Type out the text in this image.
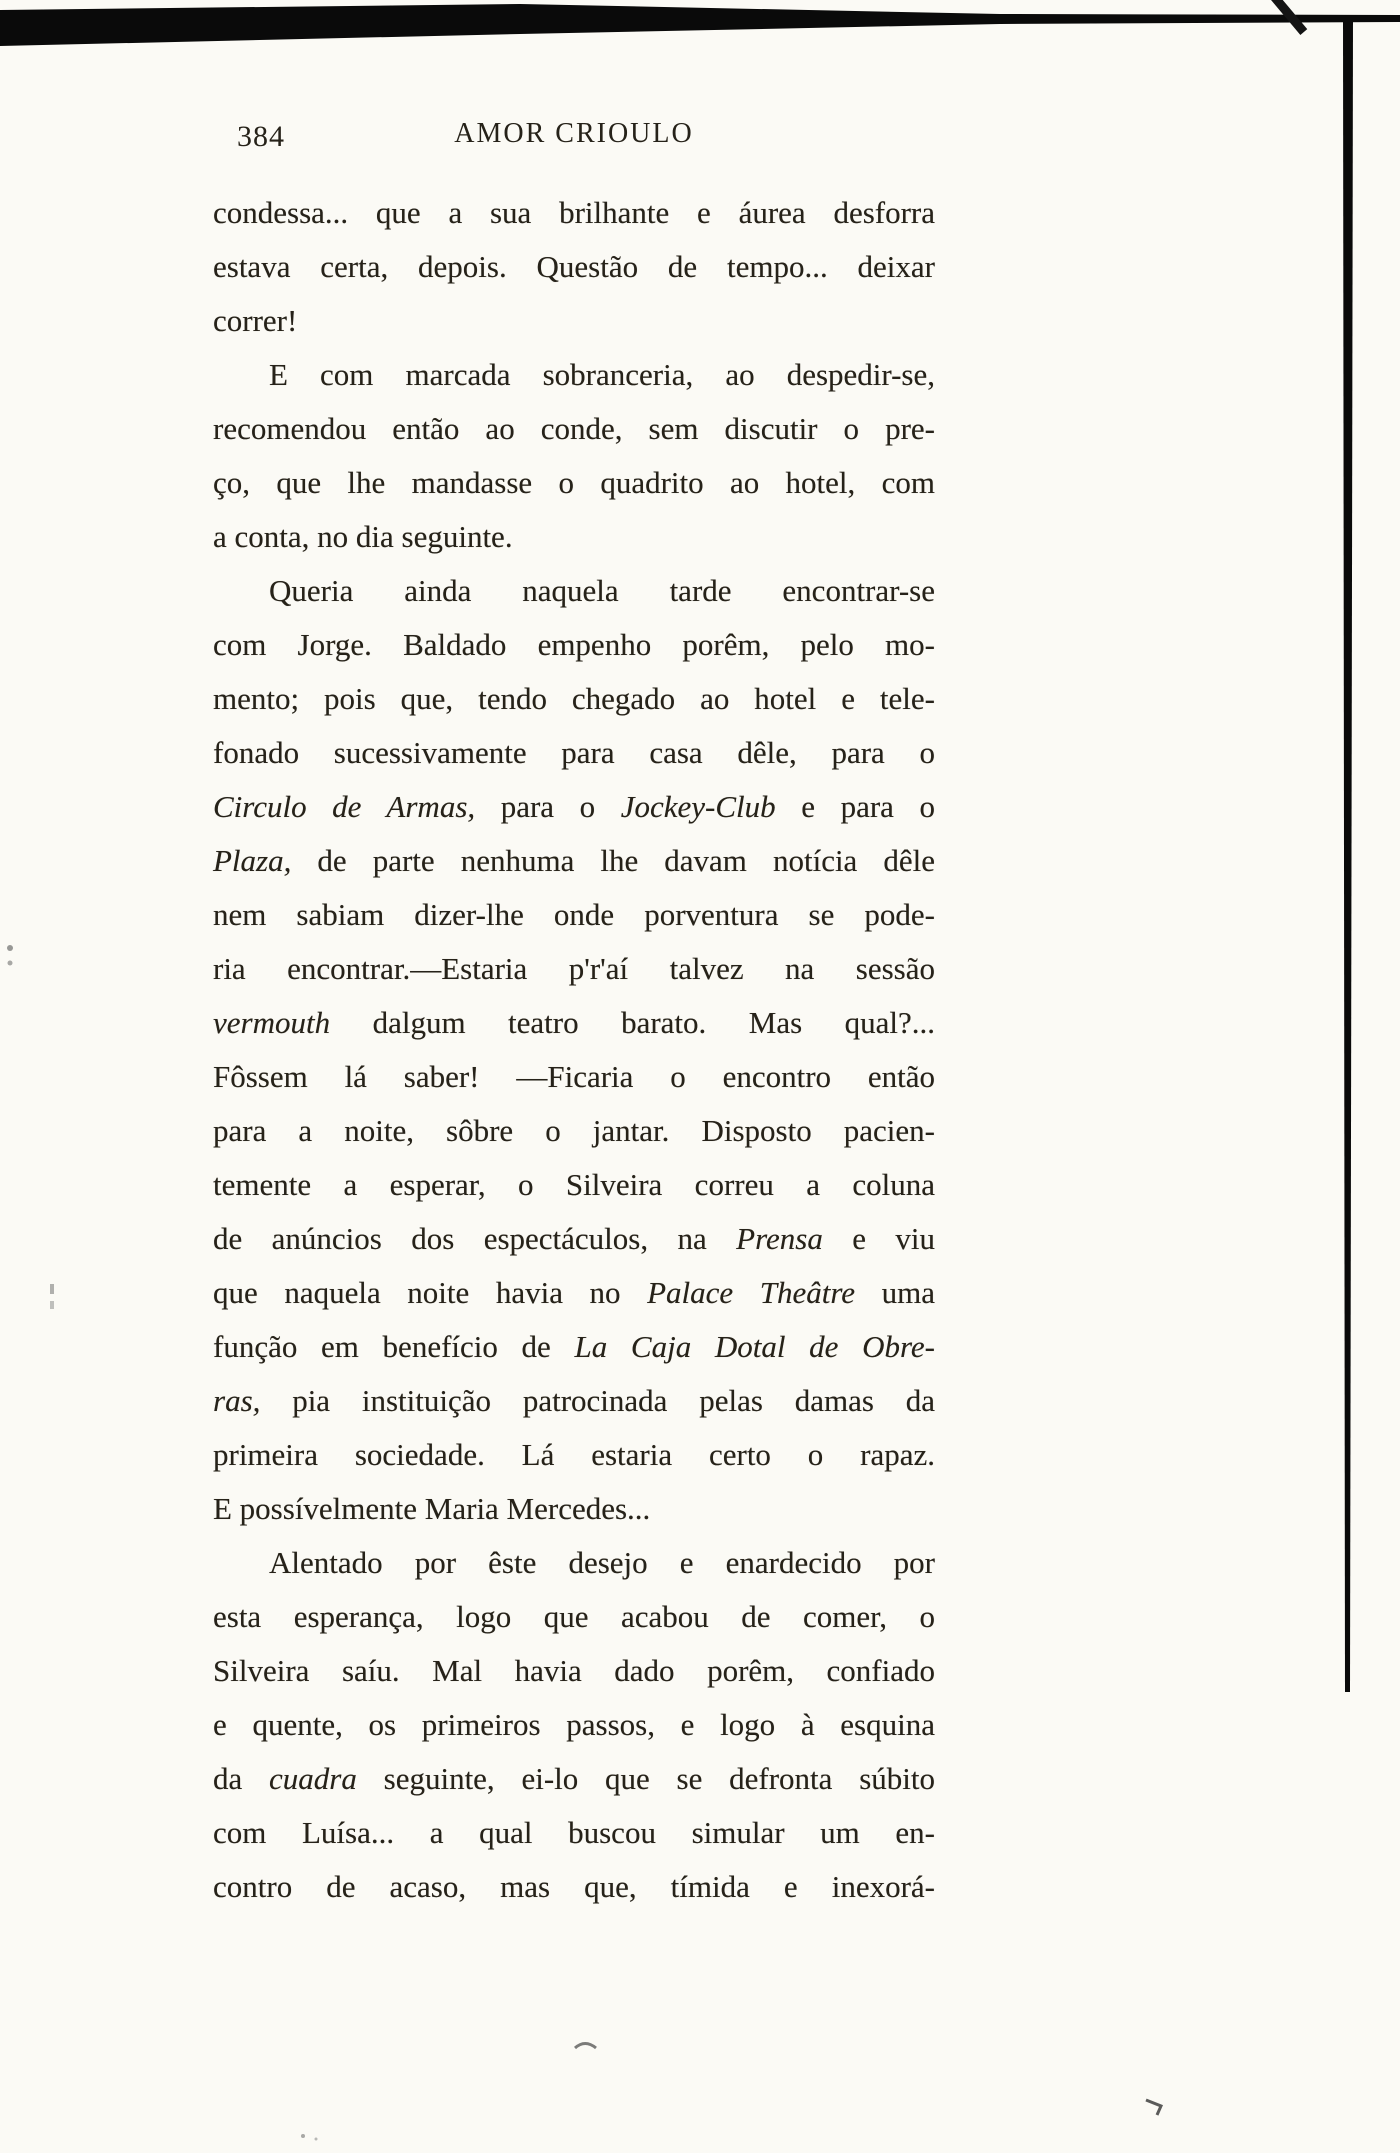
384	AMOR CRIOULO
condessa... que a sua brilhante e áurea desforra
estava certa, depois. Questão de tempo... deixar
correr!
E com marcada sobranceria, ao despedir-se,
recomendou então ao conde, sem discutir o pre-
ço, que lhe mandasse o quadrito ao hotel, com
a conta, no dia seguinte.
Queria ainda naquela tarde encontrar-se
com Jorge. Baldado empenho porêm, pelo mo-
mento; pois que, tendo chegado ao hotel e tele-
fonado sucessivamente para casa dêle, para o
Circulo de Armas, para o Jockey-Club e para o
Plaza, de parte nenhuma lhe davam notícia dêle
nem sabiam dizer-lhe onde porventura se pode-
ria encontrar.—Estaria p'r'aí talvez na sessão
vermouth dalgum teatro barato. Mas qual?...
Fôssem lá saber! —Ficaria o encontro então
para a noite, sôbre o jantar. Disposto pacien-
temente a esperar, o Silveira correu a coluna
de anúncios dos espectáculos, na Prensa e viu
que naquela noite havia no Palace Theâtre uma
função em benefício de La Caja Dotal de Obre-
ras, pia instituição patrocinada pelas damas da
primeira sociedade. Lá estaria certo o rapaz.
E possívelmente Maria Mercedes...
Alentado por êste desejo e enardecido por
esta esperança, logo que acabou de comer, o
Silveira saíu. Mal havia dado porêm, confiado
e quente, os primeiros passos, e logo à esquina
da cuadra seguinte, ei-lo que se defronta súbito
com Luísa... a qual buscou simular um en-
contro de acaso, mas que, tímida e inexorá-
